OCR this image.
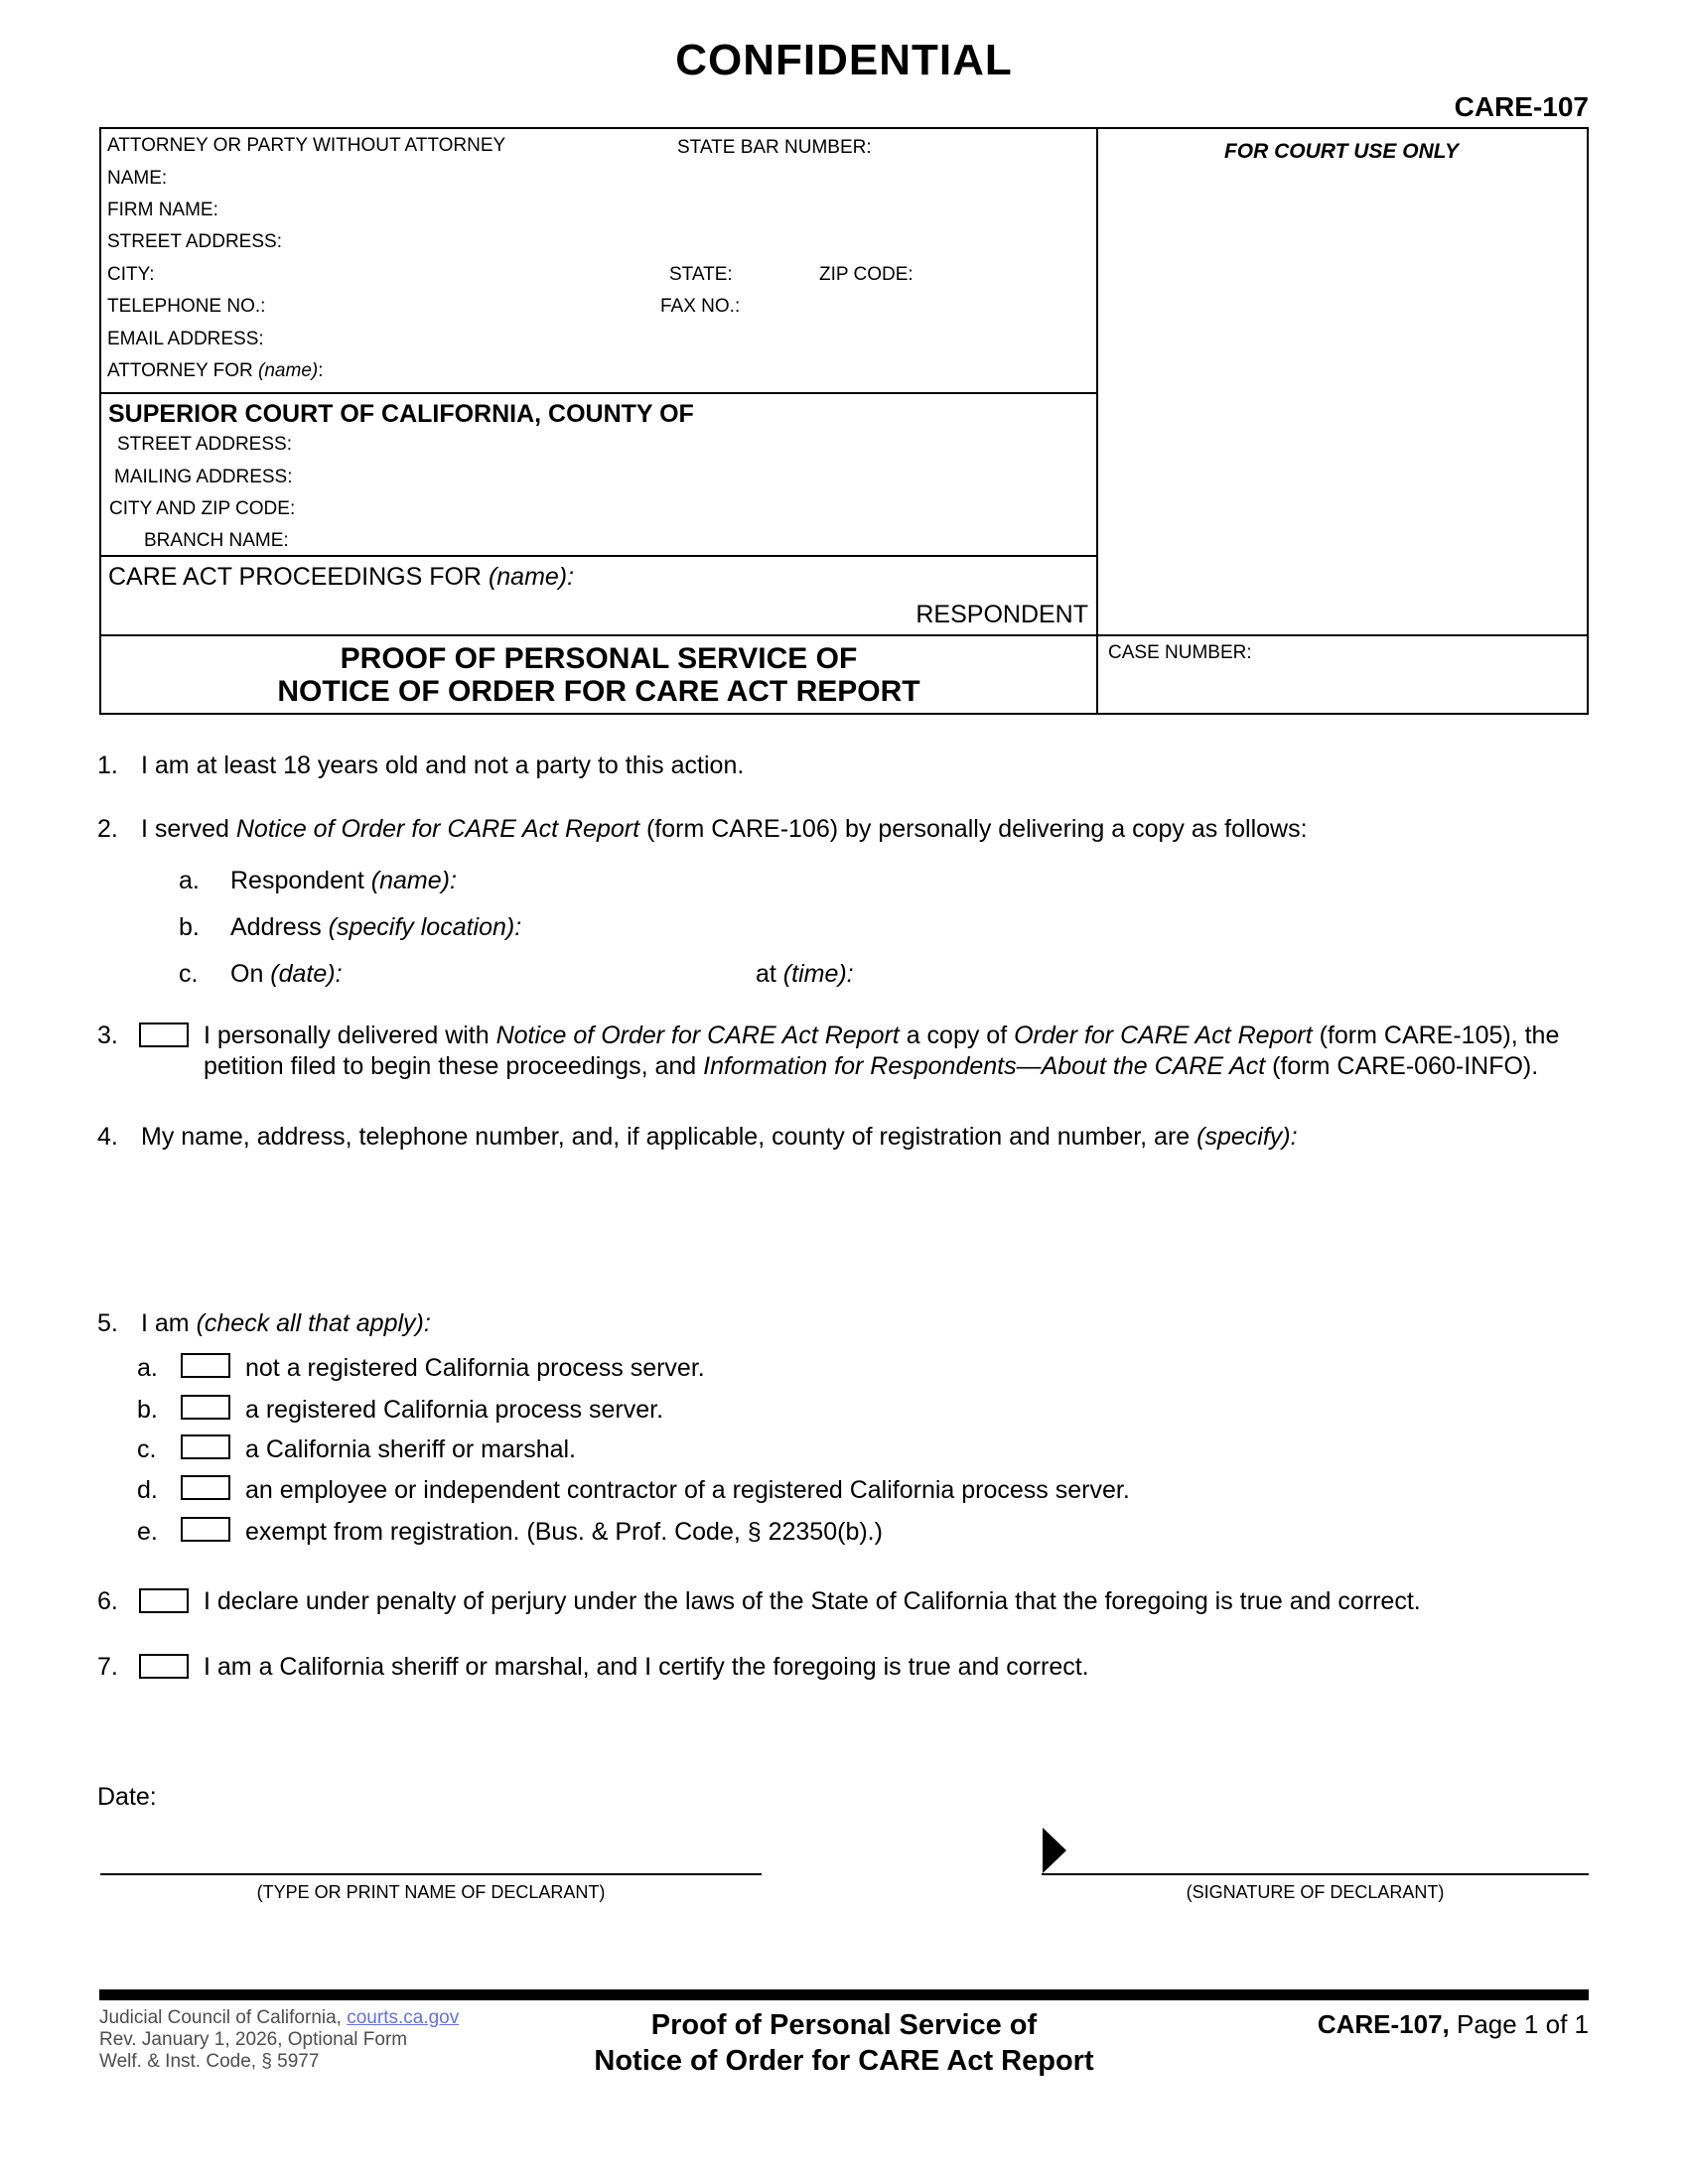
CONFIDENTIAL
CARE-107
ATTORNEY OR PARTY WITHOUT ATTORNEY	STATE BAR NUMBER:
NAME:
FIRM NAME:
STREET ADDRESS:
CITY:	STATE:	ZIP CODE:
TELEPHONE NO.:	FAX NO.:
EMAIL ADDRESS:
ATTORNEY FOR (name):
SUPERIOR COURT OF CALIFORNIA, COUNTY OF
STREET ADDRESS:
MAILING ADDRESS:
CITY AND ZIP CODE:
BRANCH NAME:
CARE ACT PROCEEDINGS FOR (name):
RESPONDENT
PROOF OF PERSONAL SERVICE OF
NOTICE OF ORDER FOR CARE ACT REPORT
FOR COURT USE ONLY
CASE NUMBER:
1. I am at least 18 years old and not a party to this action.
2. I served Notice of Order for CARE Act Report (form CARE-106) by personally delivering a copy as follows:
a. Respondent (name):
b. Address (specify location):
c. On (date):	at (time):
3.	I personally delivered with Notice of Order for CARE Act Report a copy of Order for CARE Act Report (form CARE-105), the petition filed to begin these proceedings, and Information for Respondents—About the CARE Act (form CARE-060-INFO).
4. My name, address, telephone number, and, if applicable, county of registration and number, are (specify):
5. I am (check all that apply):
a.	not a registered California process server.
b.	a registered California process server.
c.	a California sheriff or marshal.
d.	an employee or independent contractor of a registered California process server.
e.	exempt from registration. (Bus. & Prof. Code, § 22350(b).)
6.	I declare under penalty of perjury under the laws of the State of California that the foregoing is true and correct.
7.	I am a California sheriff or marshal, and I certify the foregoing is true and correct.
Date:
(TYPE OR PRINT NAME OF DECLARANT)	(SIGNATURE OF DECLARANT)
Judicial Council of California, courts.ca.gov
Rev. January 1, 2026, Optional Form
Welf. & Inst. Code, § 5977
Proof of Personal Service of
Notice of Order for CARE Act Report
CARE-107, Page 1 of 1
